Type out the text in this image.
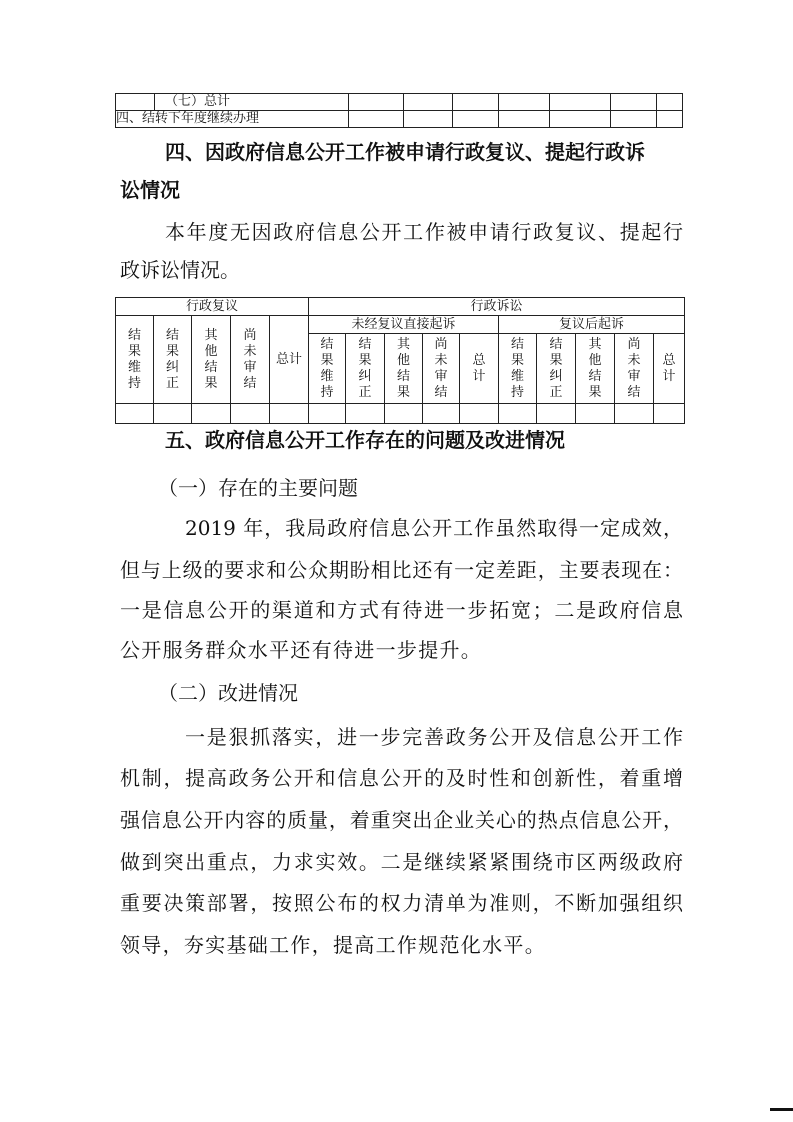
	（七）总计							
四、结转下年度继续办理								
四、因政府信息公开工作被申请行政复议、提起行政诉
讼情况
本年度无因政府信息公开工作被申请行政复议、提起行
政诉讼情况。
行政复议					行政诉讼									
结果维持	结果纠正	其他结果	尚未审结	总计	未经复议直接起诉					复议后起诉				
					结果维持	结果纠正	其他结果	尚未审结	总计	结果维持	结果纠正	其他结果	尚未审结	总计

五、政府信息公开工作存在的问题及改进情况
（一）存在的主要问题
2019 年，我局政府信息公开工作虽然取得一定成效，
但与上级的要求和公众期盼相比还有一定差距，主要表现在：
一是信息公开的渠道和方式有待进一步拓宽；二是政府信息
公开服务群众水平还有待进一步提升。
（二）改进情况
一是狠抓落实，进一步完善政务公开及信息公开工作
机制，提高政务公开和信息公开的及时性和创新性，着重增
强信息公开内容的质量，着重突出企业关心的热点信息公开，
做到突出重点，力求实效。二是继续紧紧围绕市区两级政府
重要决策部署，按照公布的权力清单为准则，不断加强组织
领导，夯实基础工作，提高工作规范化水平。
